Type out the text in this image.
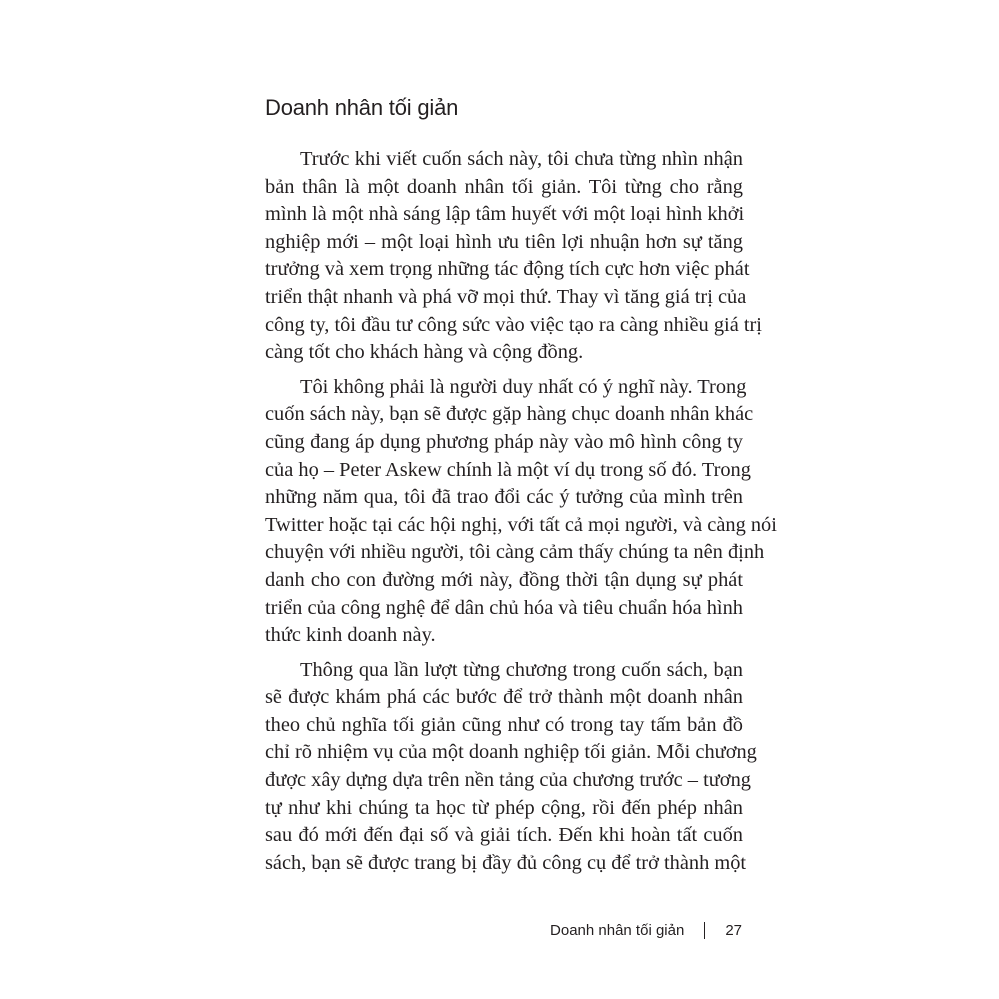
Doanh nhân tối giản
Trước khi viết cuốn sách này, tôi chưa từng nhìn nhận
bản thân là một doanh nhân tối giản. Tôi từng cho rằng
mình là một nhà sáng lập tâm huyết với một loại hình khởi
nghiệp mới – một loại hình ưu tiên lợi nhuận hơn sự tăng
trưởng và xem trọng những tác động tích cực hơn việc phát
triển thật nhanh và phá vỡ mọi thứ. Thay vì tăng giá trị của
công ty, tôi đầu tư công sức vào việc tạo ra càng nhiều giá trị
càng tốt cho khách hàng và cộng đồng.
Tôi không phải là người duy nhất có ý nghĩ này. Trong
cuốn sách này, bạn sẽ được gặp hàng chục doanh nhân khác
cũng đang áp dụng phương pháp này vào mô hình công ty
của họ – Peter Askew chính là một ví dụ trong số đó. Trong
những năm qua, tôi đã trao đổi các ý tưởng của mình trên
Twitter hoặc tại các hội nghị, với tất cả mọi người, và càng nói
chuyện với nhiều người, tôi càng cảm thấy chúng ta nên định
danh cho con đường mới này, đồng thời tận dụng sự phát
triển của công nghệ để dân chủ hóa và tiêu chuẩn hóa hình
thức kinh doanh này.
Thông qua lần lượt từng chương trong cuốn sách, bạn
sẽ được khám phá các bước để trở thành một doanh nhân
theo chủ nghĩa tối giản cũng như có trong tay tấm bản đồ
chỉ rõ nhiệm vụ của một doanh nghiệp tối giản. Mỗi chương
được xây dựng dựa trên nền tảng của chương trước – tương
tự như khi chúng ta học từ phép cộng, rồi đến phép nhân
sau đó mới đến đại số và giải tích. Đến khi hoàn tất cuốn
sách, bạn sẽ được trang bị đầy đủ công cụ để trở thành một
Doanh nhân tối giản	27
